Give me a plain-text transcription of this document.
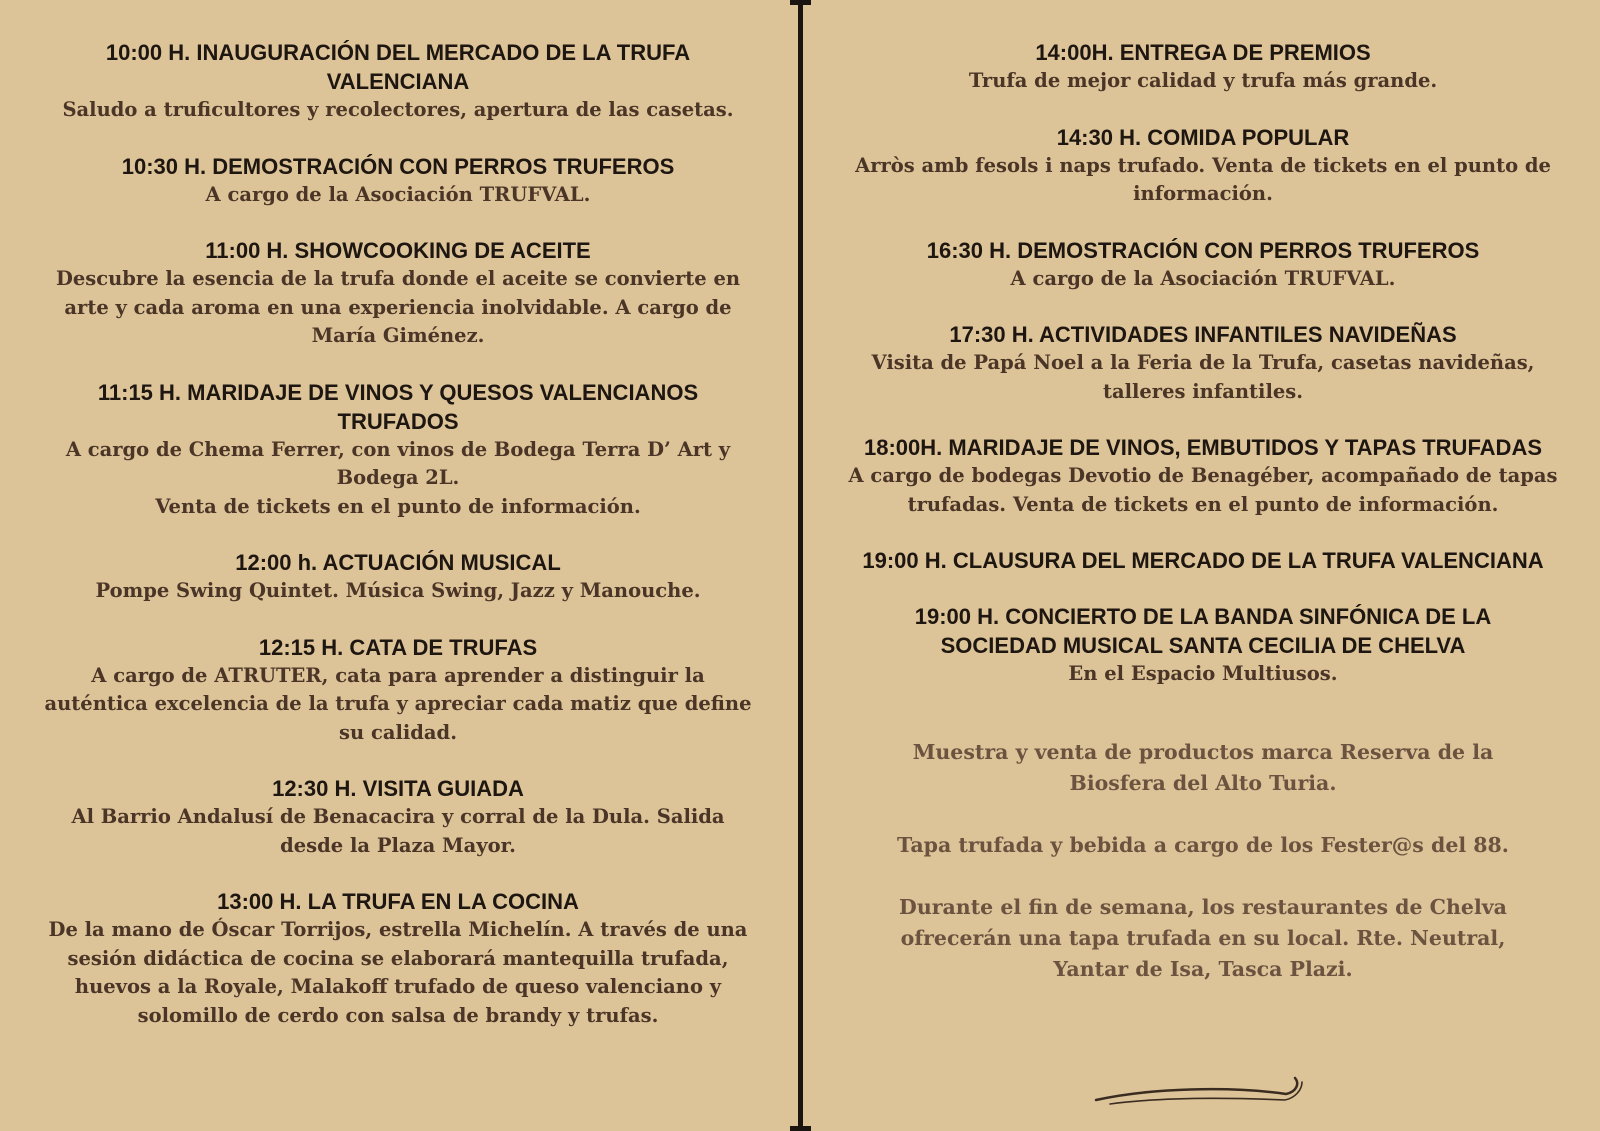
10:00 H. INAUGURACIÓN DEL MERCADO DE LA TRUFA VALENCIANA
Saludo a truficultores y recolectores, apertura de las casetas.
10:30 H. DEMOSTRACIÓN CON PERROS TRUFEROS
A cargo de la Asociación TRUFVAL.
11:00 H. SHOWCOOKING DE ACEITE
Descubre la esencia de la trufa donde el aceite se convierte en
arte y cada aroma en una experiencia inolvidable. A cargo de
María Giménez.
11:15 H. MARIDAJE DE VINOS Y QUESOS VALENCIANOS TRUFADOS
A cargo de Chema Ferrer, con vinos de Bodega Terra D’ Art y
Bodega 2L.
Venta de tickets en el punto de información.
12:00 h. ACTUACIÓN MUSICAL
Pompe Swing Quintet. Música Swing, Jazz y Manouche.
12:15 H. CATA DE TRUFAS
A cargo de ATRUTER, cata para aprender a distinguir la
auténtica excelencia de la trufa y apreciar cada matiz que define
su calidad.
12:30 H. VISITA GUIADA
Al Barrio Andalusí de Benacacira y corral de la Dula. Salida
desde la Plaza Mayor.
13:00 H. LA TRUFA EN LA COCINA
De la mano de Óscar Torrijos, estrella Michelín. A través de una
sesión didáctica de cocina se elaborará mantequilla trufada,
huevos a la Royale, Malakoff trufado de queso valenciano y
solomillo de cerdo con salsa de brandy y trufas.
14:00H. ENTREGA DE PREMIOS
Trufa de mejor calidad y trufa más grande.
14:30 H. COMIDA POPULAR
Arròs amb fesols i naps trufado. Venta de tickets en el punto de
información.
16:30 H. DEMOSTRACIÓN CON PERROS TRUFEROS
A cargo de la Asociación TRUFVAL.
17:30 H. ACTIVIDADES INFANTILES NAVIDEÑAS
Visita de Papá Noel a la Feria de la Trufa, casetas navideñas,
talleres infantiles.
18:00H. MARIDAJE DE VINOS, EMBUTIDOS Y TAPAS TRUFADAS
A cargo de bodegas Devotio de Benagéber, acompañado de tapas
trufadas. Venta de tickets en el punto de información.
19:00 H. CLAUSURA DEL MERCADO DE LA TRUFA VALENCIANA
19:00 H. CONCIERTO DE LA BANDA SINFÓNICA DE LA SOCIEDAD MUSICAL SANTA CECILIA DE CHELVA
En el Espacio Multiusos.
Muestra y venta de productos marca Reserva de la
Biosfera del Alto Turia.
Tapa trufada y bebida a cargo de los Fester@s del 88.
Durante el fin de semana, los restaurantes de Chelva
ofrecerán una tapa trufada en su local. Rte. Neutral,
Yantar de Isa, Tasca Plazi.
